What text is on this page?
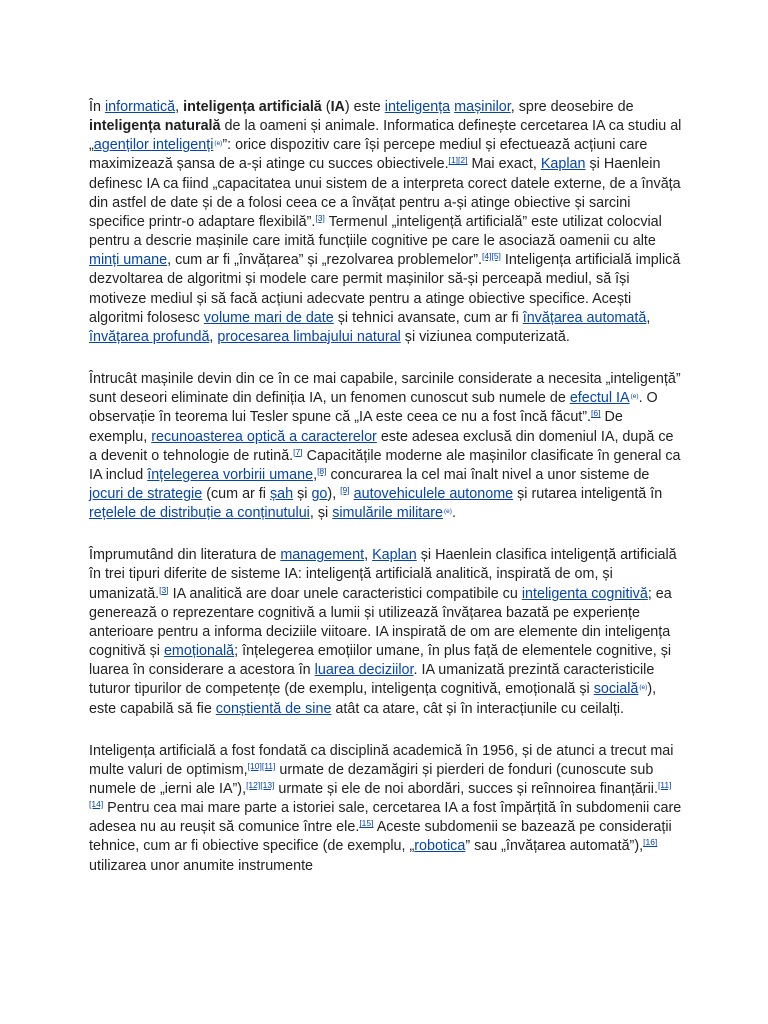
În informatică, inteligența artificială (IA) este inteligența mașinilor, spre deosebire de inteligența naturală de la oameni și animale. Informatica definește cercetarea IA ca studiu al „agenților inteligenți$^{(e)}$”: orice dispozitiv care își percepe mediul și efectuează acțiuni care maximizează șansa de a-și atinge cu succes obiectivele.[1][2] Mai exact, Kaplan și Haenlein definesc IA ca fiind „capacitatea unui sistem de a interpreta corect datele externe, de a învăța din astfel de date și de a folosi ceea ce a învățat pentru a-și atinge obiective și sarcini specifice printr-o adaptare flexibilă”.[3] Termenul „inteligență artificială” este utilizat colocvial pentru a descrie mașinile care imită funcțiile cognitive pe care le asociază oamenii cu alte minți umane, cum ar fi „învățarea” și „rezolvarea problemelor”.[4][5] Inteligența artificială implică dezvoltarea de algoritmi și modele care permit mașinilor să-și perceapă mediul, să își motiveze mediul și să facă acțiuni adecvate pentru a atinge obiective specifice. Acești algoritmi folosesc volume mari de date și tehnici avansate, cum ar fi învățarea automată, învățarea profundă, procesarea limbajului natural și viziunea computerizată.

Întrucât mașinile devin din ce în ce mai capabile, sarcinile considerate a necesita „inteligență” sunt deseori eliminate din definiția IA, un fenomen cunoscut sub numele de efectul IA$^{(e)}$. O observație în teorema lui Tesler spune că „IA este ceea ce nu a fost încă făcut”.[6] De exemplu, recunoasterea optică a caracterelor este adesea exclusă din domeniul IA, după ce a devenit o tehnologie de rutină.[7] Capacitățile moderne ale mașinilor clasificate în general ca IA includ înțelegerea vorbirii umane,[8] concurarea la cel mai înalt nivel a unor sisteme de jocuri de strategie (cum ar fi șah și go), [9] autovehiculele autonome și rutarea inteligentă în rețelele de distribuție a conținutului, și simulările militare$^{(e)}$.

Împrumutând din literatura de management, Kaplan și Haenlein clasifica inteligență artificială în trei tipuri diferite de sisteme IA: inteligență artificială analitică, inspirată de om, și umanizată.[3] IA analitică are doar unele caracteristici compatibile cu inteligenta cognitivă; ea generează o reprezentare cognitivă a lumii și utilizează învățarea bazată pe experiențe anterioare pentru a informa deciziile viitoare. IA inspirată de om are elemente din inteligența cognitivă și emoțională; înțelegerea emoțiilor umane, în plus față de elementele cognitive, și luarea în considerare a acestora în luarea deciziilor. IA umanizată prezintă caracteristicile tuturor tipurilor de competențe (de exemplu, inteligența cognitivă, emoțională și socială$^{(e)}$), este capabilă să fie conștientă de sine atât ca atare, cât și în interacțiunile cu ceilalți.

Inteligența artificială a fost fondată ca disciplină academică în 1956, și de atunci a trecut mai multe valuri de optimism,[10][11] urmate de dezamăgiri și pierderi de fonduri (cunoscute sub numele de „ierni ale IA”),[12][13] urmate și ele de noi abordări, succes și reînnoirea finanțării.[11][14] Pentru cea mai mare parte a istoriei sale, cercetarea IA a fost împărțită în subdomenii care adesea nu au reușit să comunice între ele.[15] Aceste subdomenii se bazează pe considerații tehnice, cum ar fi obiective specifice (de exemplu, „robotica” sau „învățarea automată”),[16] utilizarea unor anumite instrumente
